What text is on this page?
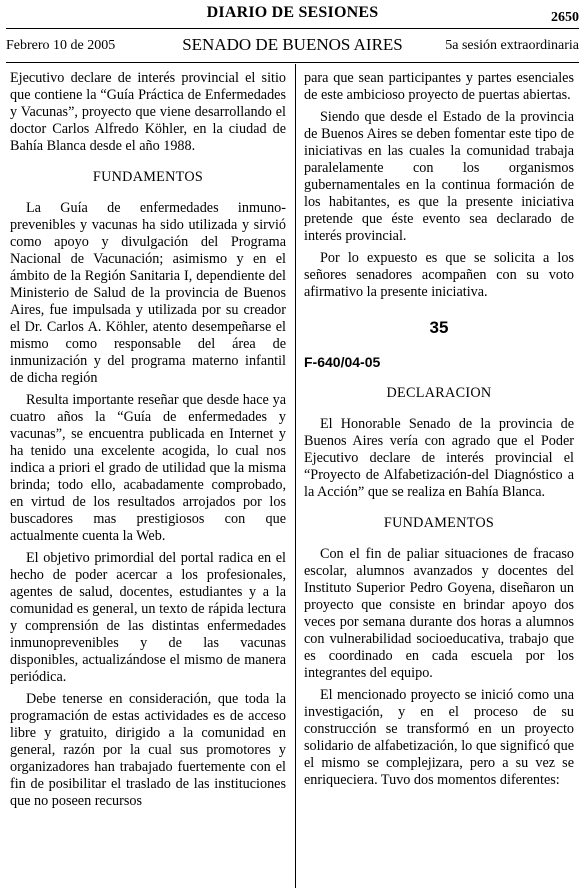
DIARIO DE SESIONES	2650
Febrero 10 de 2005	SENADO DE BUENOS AIRES	5a sesión extraordinaria

Ejecutivo declare de interés provincial el sitio que contiene la “Guía Práctica de Enfermedades y Vacunas”, proyecto que viene desarrollando el doctor Carlos Alfredo Köhler, en la ciudad de Bahía Blanca desde el año 1988.

FUNDAMENTOS

La Guía de enfermedades inmuno-prevenibles y vacunas ha sido utilizada y sirvió como apoyo y divulgación del Programa Nacional de Vacunación; asimismo y en el ámbito de la Región Sanitaria I, dependiente del Ministerio de Salud de la provincia de Buenos Aires, fue impulsada y utilizada por su creador el Dr. Carlos A. Köhler, atento desempeñarse el mismo como responsable del área de inmunización y del programa materno infantil de dicha región

Resulta importante reseñar que desde hace ya cuatro años la “Guía de enfermedades y vacunas”, se encuentra publicada en Internet y ha tenido una excelente acogida, lo cual nos indica a priori el grado de utilidad que la misma brinda; todo ello, acabadamente comprobado, en virtud de los resultados arrojados por los buscadores mas prestigiosos con que actualmente cuenta la Web.

El objetivo primordial del portal radica en el hecho de poder acercar a los profesionales, agentes de salud, docentes, estudiantes y a la comunidad es general, un texto de rápida lectura y comprensión de las distintas enfermedades inmunoprevenibles y de las vacunas disponibles, actualizándose el mismo de manera periódica.

Debe tenerse en consideración, que toda la programación de estas actividades es de acceso libre y gratuito, dirigido a la comunidad en general, razón por la cual sus promotores y organizadores han trabajado fuertemente con el fin de posibilitar el traslado de las instituciones que no poseen recursos

para que sean participantes y partes esenciales de este ambicioso proyecto de puertas abiertas.

Siendo que desde el Estado de la provincia de Buenos Aires se deben fomentar este tipo de iniciativas en las cuales la comunidad trabaja paralelamente con los organismos gubernamentales en la continua formación de los habitantes, es que la presente iniciativa pretende que éste evento sea declarado de interés provincial.

Por lo expuesto es que se solicita a los señores senadores acompañen con su voto afirmativo la presente iniciativa.

35
F-640/04-05
DECLARACION

El Honorable Senado de la provincia de Buenos Aires vería con agrado que el Poder Ejecutivo declare de interés provincial el “Proyecto de Alfabetización-del Diagnóstico a la Acción” que se realiza en Bahía Blanca.

FUNDAMENTOS

Con el fin de paliar situaciones de fracaso escolar, alumnos avanzados y docentes del Instituto Superior Pedro Goyena, diseñaron un proyecto que consiste en brindar apoyo dos veces por semana durante dos horas a alumnos con vulnerabilidad socioeducativa, trabajo que es coordinado en cada escuela por los integrantes del equipo.

El mencionado proyecto se inició como una investigación, y en el proceso de su construcción se transformó en un proyecto solidario de alfabetización, lo que significó que el mismo se complejizara, pero a su vez se enriqueciera. Tuvo dos momentos diferentes:
